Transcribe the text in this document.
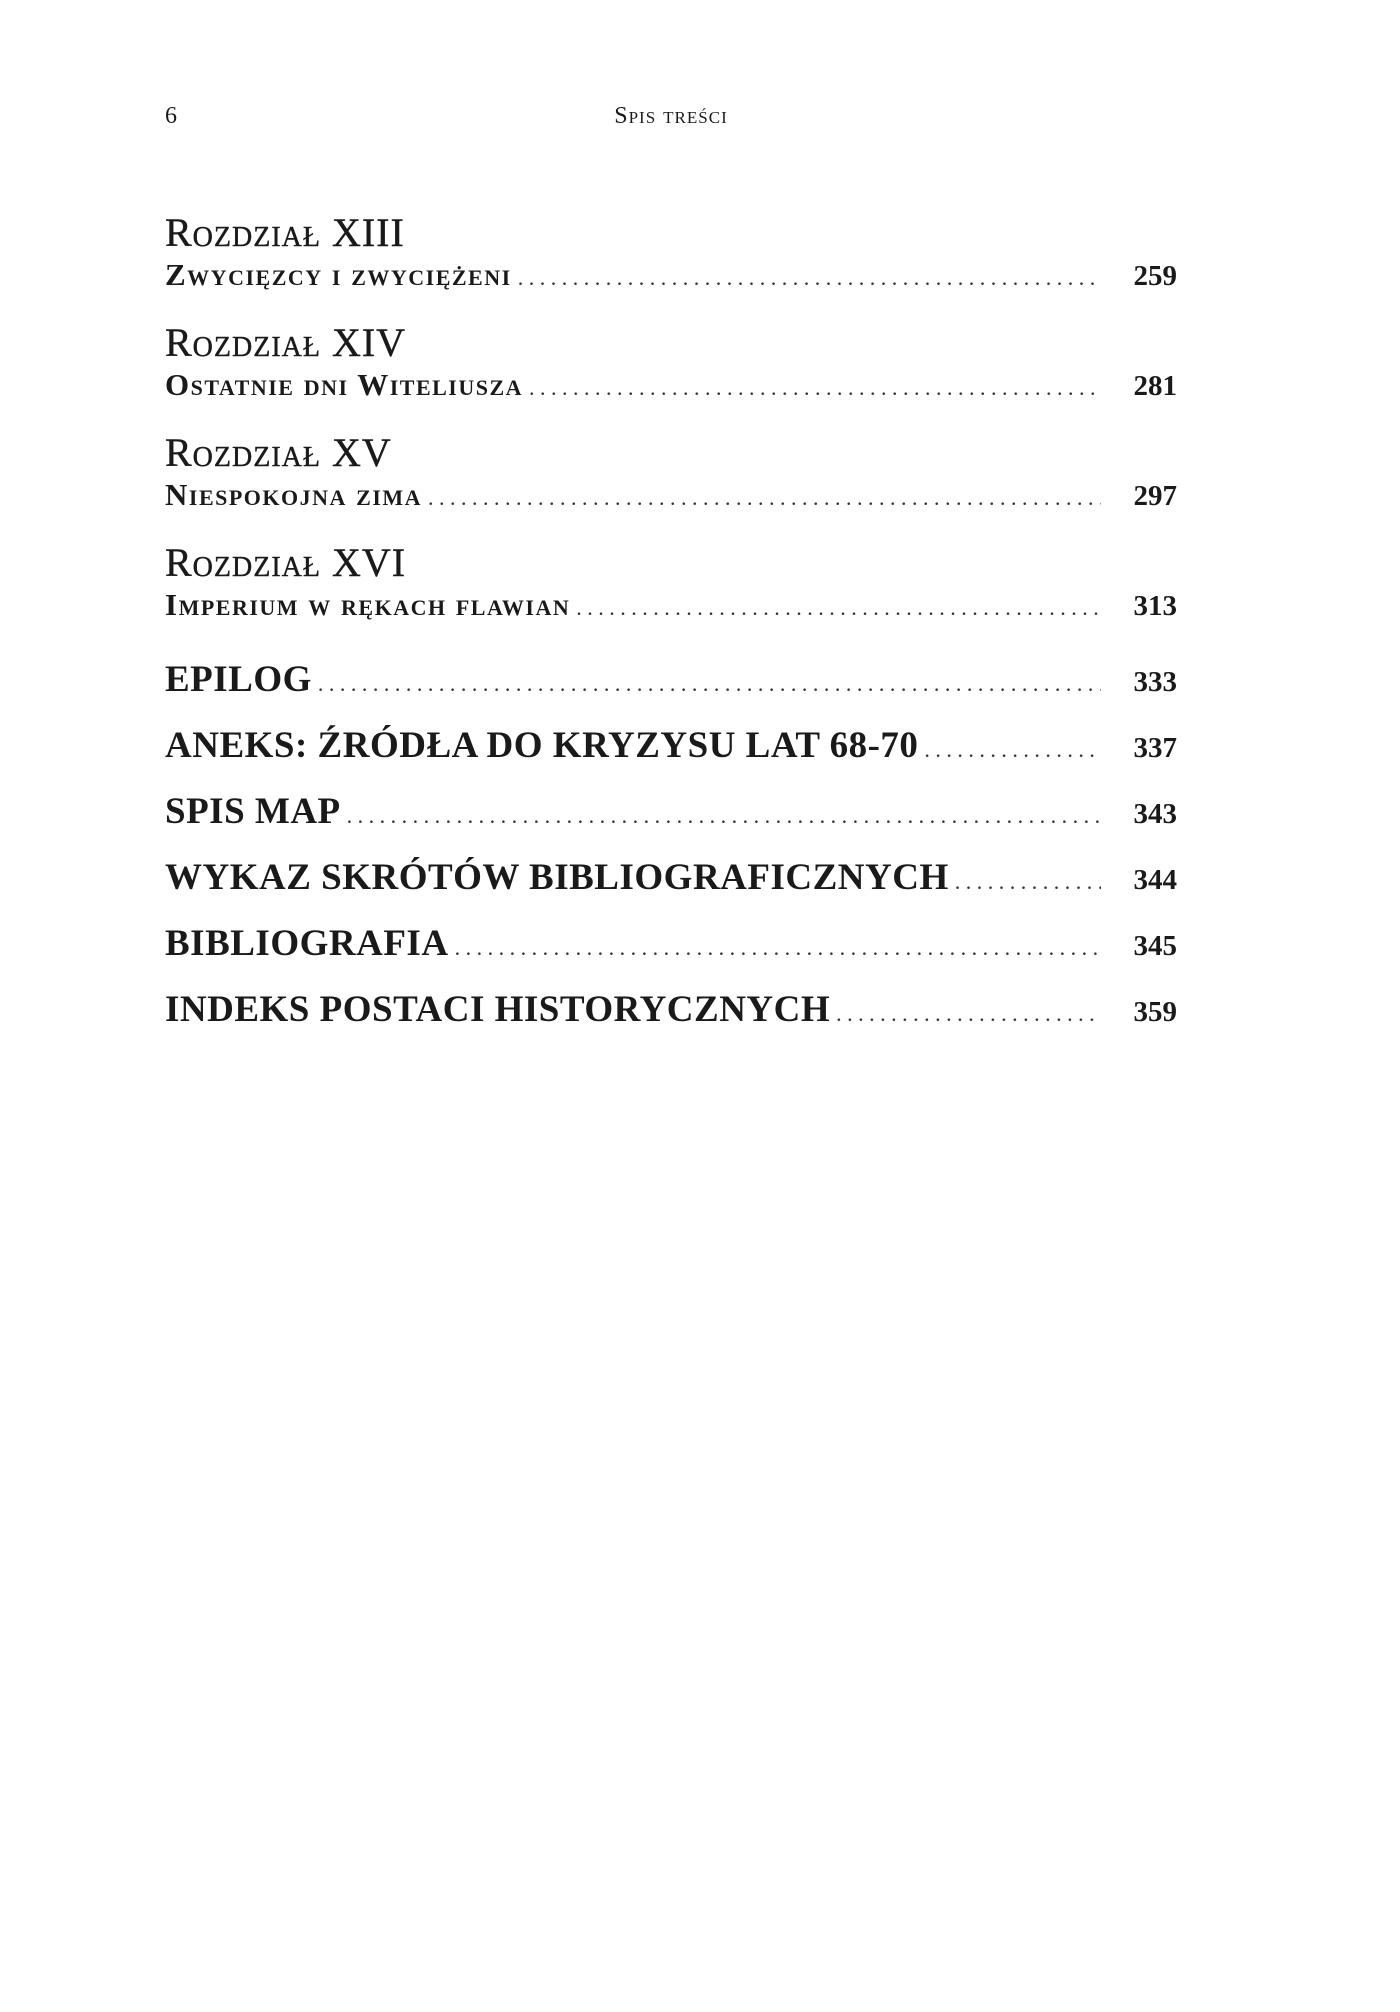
6	Spis treści
Rozdział XIII
Zwycięzcy i zwyciężeni . . .	259
Rozdział XIV
Ostatnie dni Witeliusza . . .	281
Rozdział XV
Niespokojna zima . . .	297
Rozdział XVI
Imperium w rękach flawian . . .	313
EPILOG . . .	333
ANEKS: ŹRÓDŁA DO KRYZYSU LAT 68-70 . . .	337
SPIS MAP . . .	343
WYKAZ SKRÓTÓW BIBLIOGRAFICZNYCH . . .	344
BIBLIOGRAFIA . . .	345
INDEKS POSTACI HISTORYCZNYCH . . .	359
